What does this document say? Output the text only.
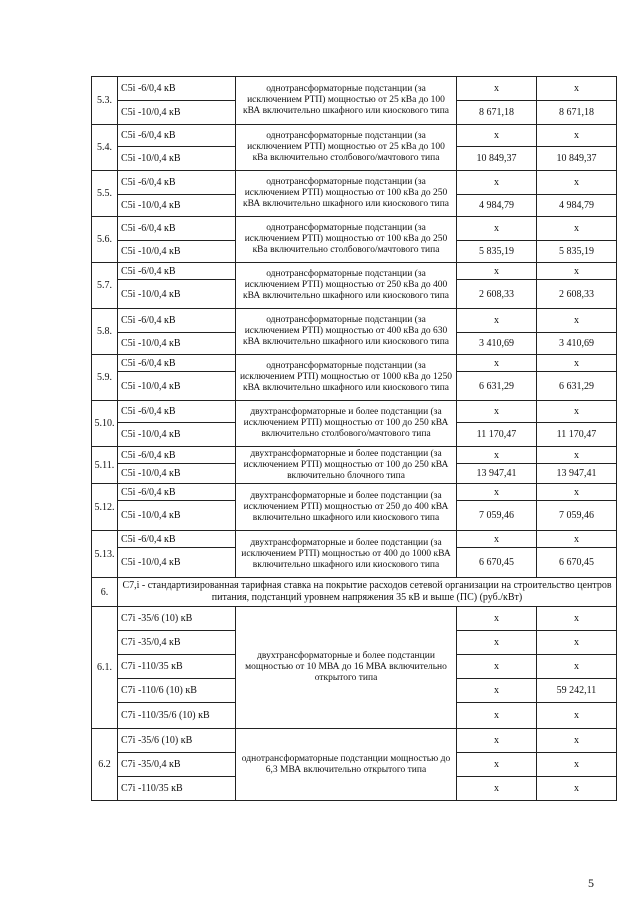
5.3.	С5i -6/0,4 кВ	однотрансформаторные подстанции (за исключением РТП) мощностью от 25 кВа до 100 кВА включительно шкафного или киоскового типа	х	х
	С5i -10/0,4 кВ		8 671,18	8 671,18
5.4.	С5i -6/0,4 кВ	однотрансформаторные подстанции (за исключением РТП) мощностью от 25 кВа до 100 кВа включительно столбового/мачтового типа	х	х
	С5i -10/0,4 кВ		10 849,37	10 849,37
5.5.	С5i -6/0,4 кВ	однотрансформаторные подстанции (за исключением РТП) мощностью от 100 кВа до 250 кВА включительно шкафного или киоскового типа	х	х
	С5i -10/0,4 кВ		4 984,79	4 984,79
5.6.	С5i -6/0,4 кВ	однотрансформаторные подстанции (за исключением РТП) мощностью от 100 кВа до 250 кВа включительно столбового/мачтового типа	х	х
	С5i -10/0,4 кВ		5 835,19	5 835,19
5.7.	С5i -6/0,4 кВ	однотрансформаторные подстанции (за исключением РТП) мощностью от 250 кВа до 400 кВА включительно шкафного или киоскового типа	х	х
	С5i -10/0,4 кВ		2 608,33	2 608,33
5.8.	С5i -6/0,4 кВ	однотрансформаторные подстанции (за исключением РТП) мощностью от 400 кВа до 630 кВА включительно шкафного или киоскового типа	х	х
	С5i -10/0,4 кВ		3 410,69	3 410,69
5.9.	С5i -6/0,4 кВ	однотрансформаторные подстанции (за исключением РТП) мощностью от 1000 кВа до 1250 кВА включительно шкафного или киоскового типа	х	х
	С5i -10/0,4 кВ		6 631,29	6 631,29
5.10.	С5i -6/0,4 кВ	двухтрансформаторные и более подстанции (за исключением РТП) мощностью от 100 до 250 кВА включительно столбового/мачтового типа	х	х
	С5i -10/0,4 кВ		11 170,47	11 170,47
5.11.	С5i -6/0,4 кВ	двухтрансформаторные и более подстанции (за исключением РТП) мощностью от 100 до 250 кВА включительно блочного типа	х	х
	С5i -10/0,4 кВ		13 947,41	13 947,41
5.12.	С5i -6/0,4 кВ	двухтрансформаторные и более подстанции (за исключением РТП) мощностью от 250 до 400 кВА включительно шкафного или киоскового типа	х	х
	С5i -10/0,4 кВ		7 059,46	7 059,46
5.13.	С5i -6/0,4 кВ	двухтрансформаторные и более подстанции (за исключением РТП) мощностью от 400 до 1000 кВА включительно шкафного или киоскового типа	х	х
	С5i -10/0,4 кВ		6 670,45	6 670,45
6.	С7,i - стандартизированная тарифная ставка на покрытие расходов сетевой организации на строительство центров питания, подстанций уровнем напряжения 35 кВ и выше (ПС) (руб./кВт)			
6.1.	С7i -35/6 (10) кВ	двухтрансформаторные и более подстанции мощностью от 10 МВА до 16 МВА включительно открытого типа	х	х
	С7i -35/0,4 кВ		х	х
	С7i -110/35 кВ		х	х
	С7i -110/6 (10) кВ		х	59 242,11
	С7i -110/35/6 (10) кВ		х	х
6.2	С7i -35/6 (10) кВ	однотрансформаторные подстанции мощностью до 6,3 МВА включительно открытого типа	х	х
	С7i -35/0,4 кВ		х	х
	С7i -110/35 кВ		х	х
5
